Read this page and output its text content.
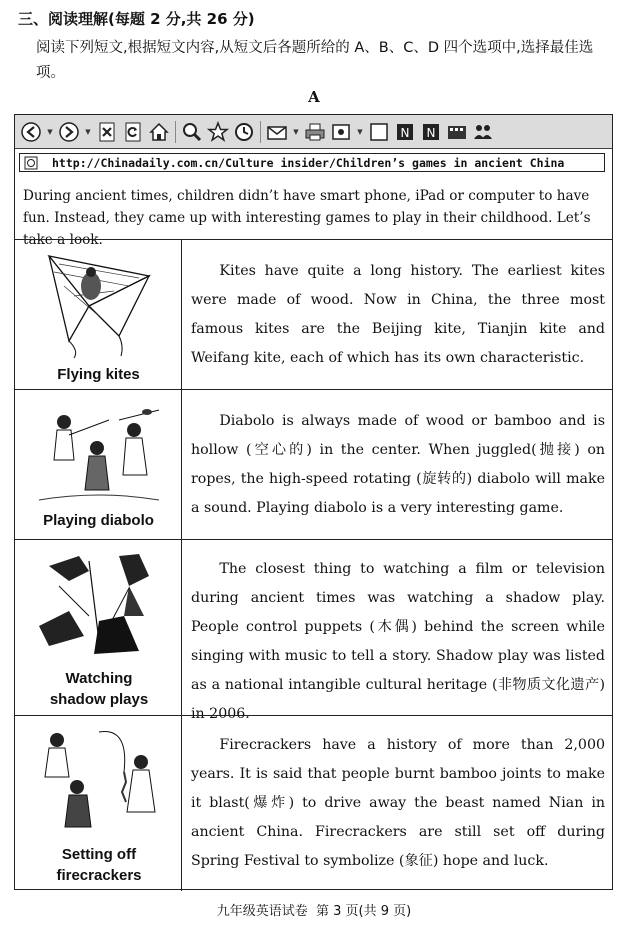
三、阅读理解(每题 2 分,共 26 分)
阅读下列短文,根据短文内容,从短文后各题所给的 A、B、C、D 四个选项中,选择最佳选项。
A
▼	▼	▼	▼	N N
http://Chinadaily.com.cn/Culture insider/Children’s games in ancient China
During ancient times, children didn’t have smart phone, iPad or computer to have fun. Instead, they came up with interesting games to play in their childhood. Let’s take a look.
Flying kites
Kites have quite a long history. The earliest kites were made of wood. Now in China, the three most famous kites are the Beijing kite, Tianjin kite and Weifang kite, each of which has its own characteristic.
Playing diabolo
Diabolo is always made of wood or bamboo and is hollow (空心的) in the center. When juggled(抛接) on ropes, the high-speed rotating (旋转的) diabolo will make a sound. Playing diabolo is a very interesting game.
Watching shadow plays
The closest thing to watching a film or television during ancient times was watching a shadow play. People control puppets (木偶) behind the screen while singing with music to tell a story. Shadow play was listed as a national intangible cultural heritage (非物质文化遗产) in 2006.
Setting off firecrackers
Firecrackers have a history of more than 2,000 years. It is said that people burnt bamboo joints to make it blast(爆炸) to drive away the beast named Nian in ancient China. Firecrackers are still set off during Spring Festival to symbolize (象征) hope and luck.
九年级英语试卷  第 3 页(共 9 页)
